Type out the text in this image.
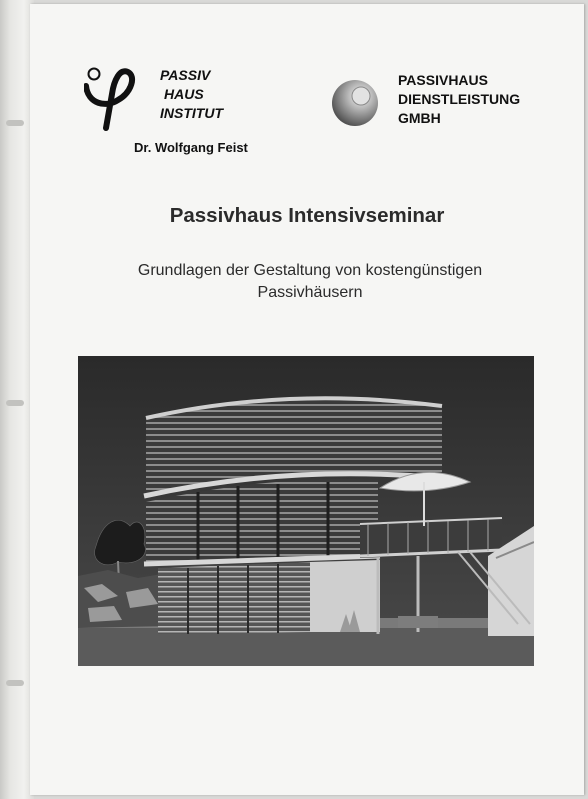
PASSIV
HAUS
INSTITUT
Dr. Wolfgang Feist
PASSIVHAUS
DIENSTLEISTUNG
GMBH
Passivhaus Intensivseminar
Grundlagen der Gestaltung von kostengünstigen
Passivhäusern
